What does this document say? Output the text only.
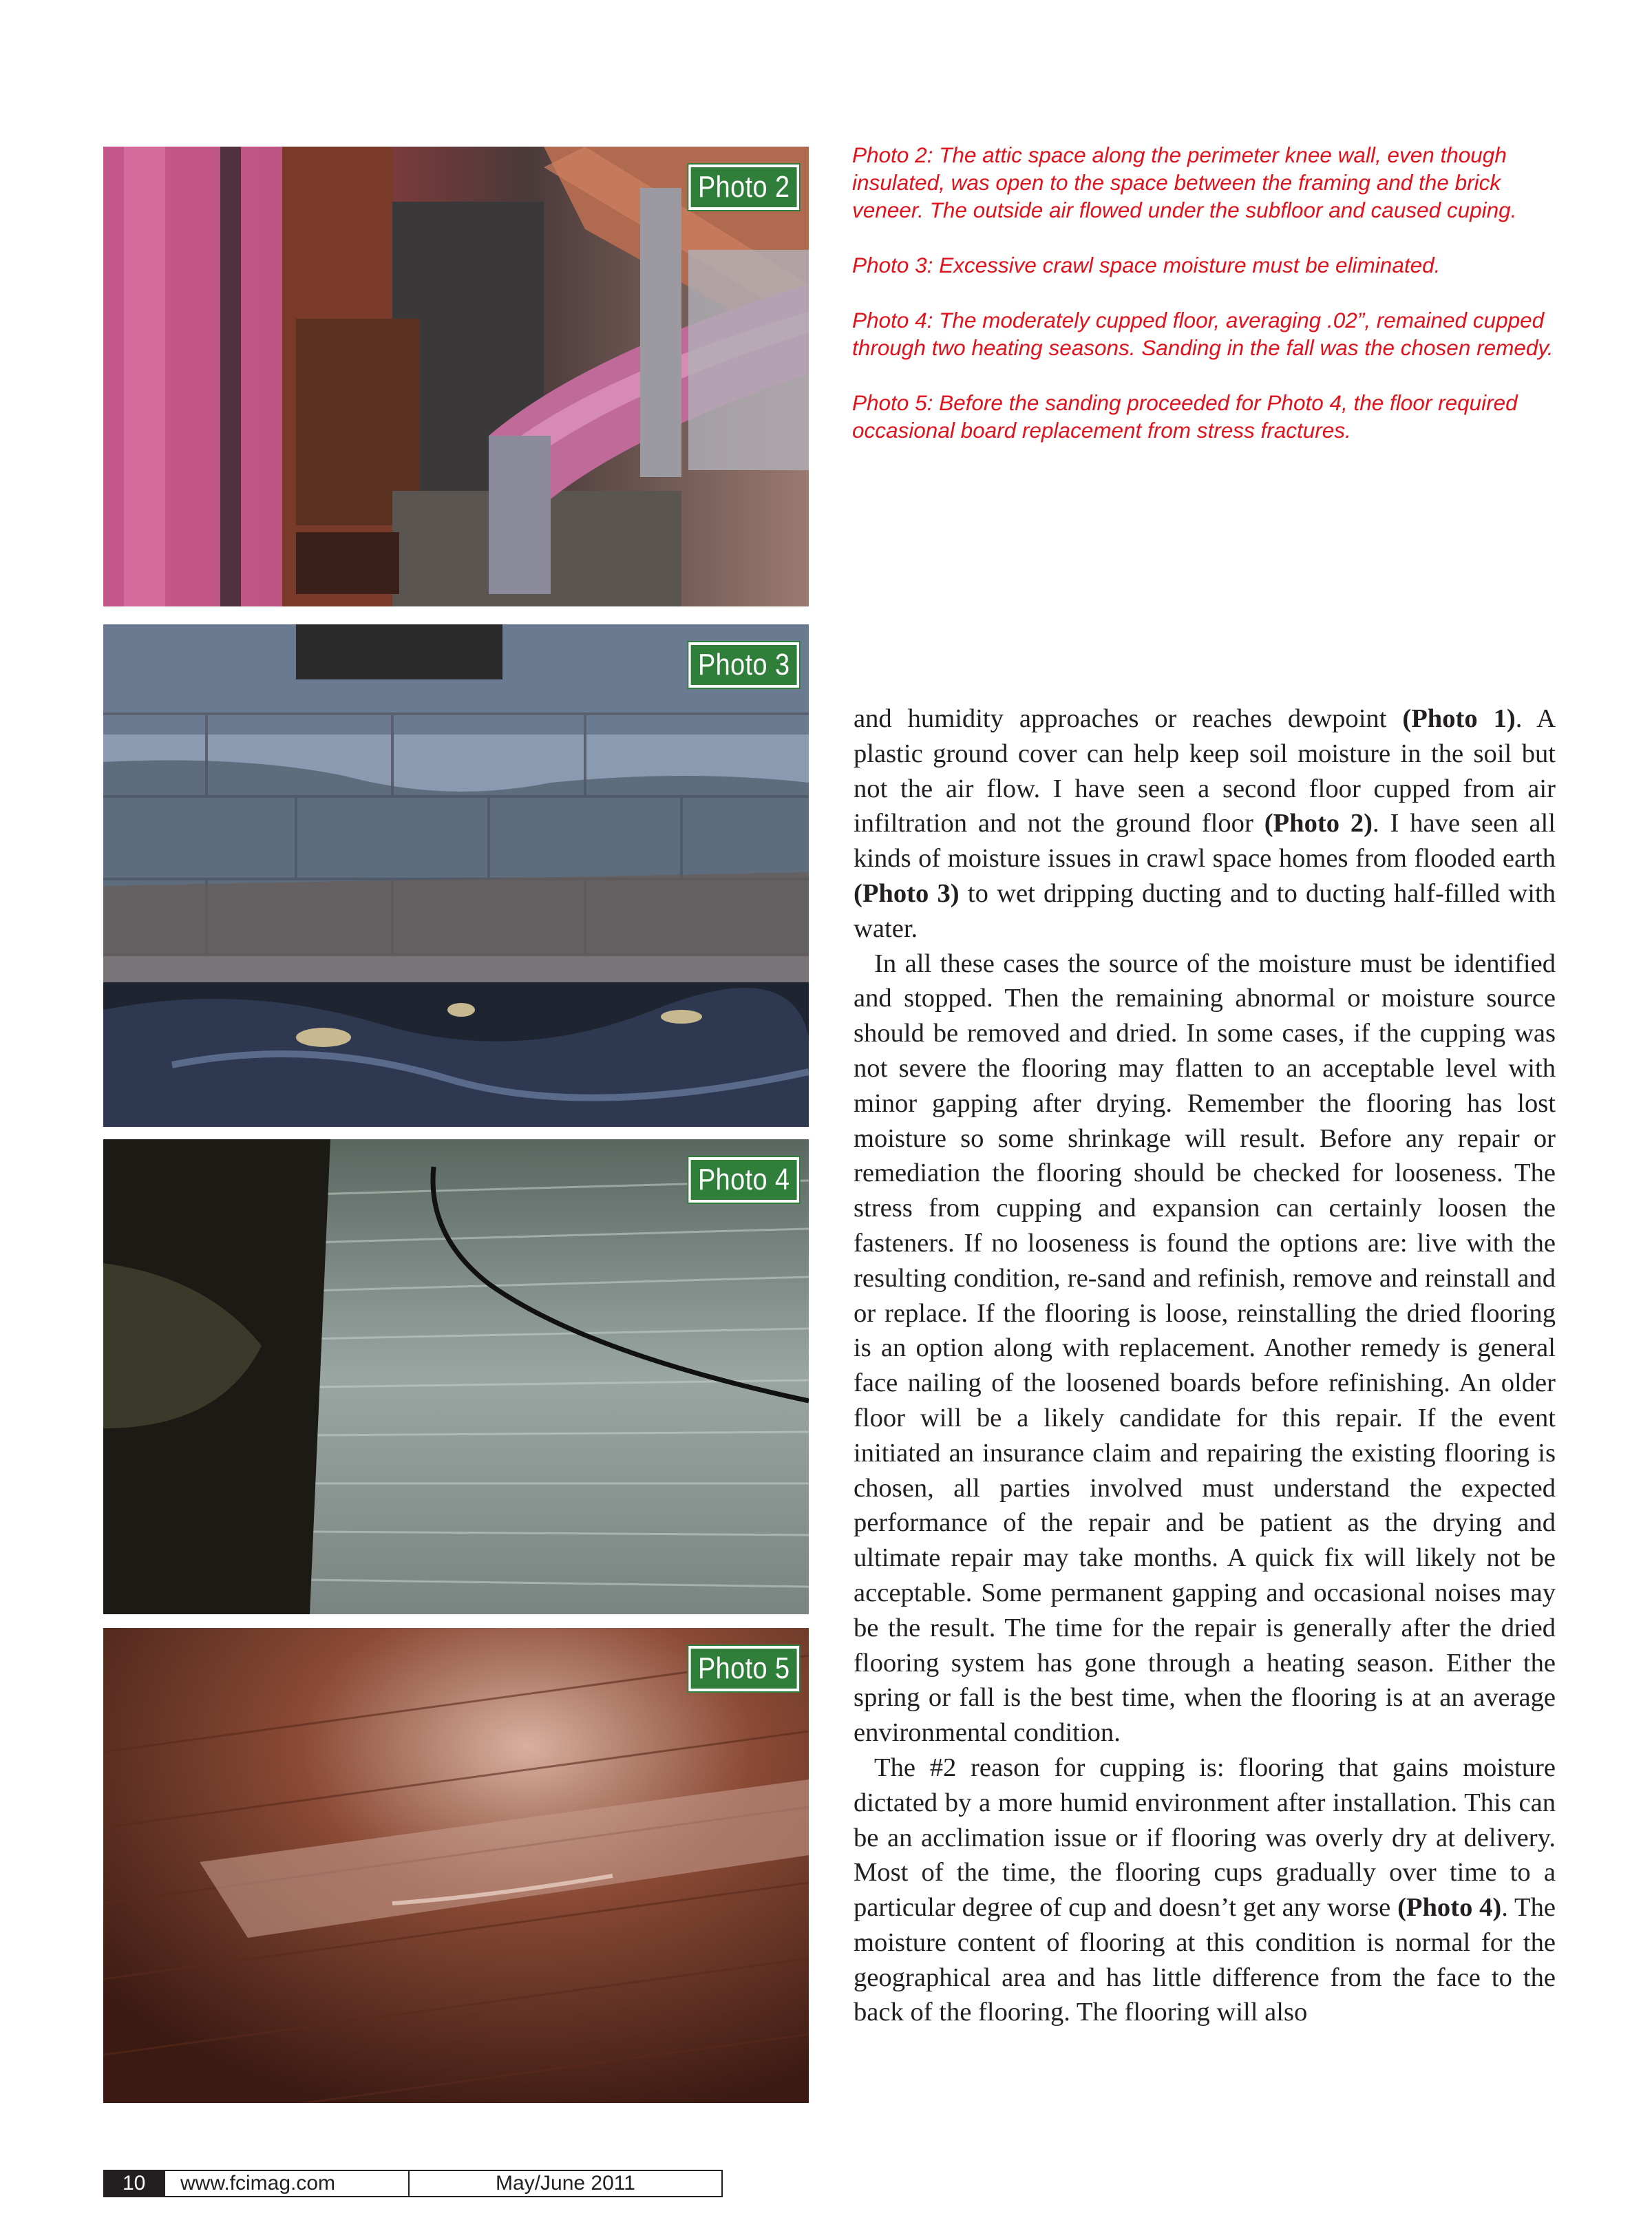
Photo 2
Photo 3
Photo 4
Photo 5

Photo 2: The attic space along the perimeter knee wall, even though insulated, was open to the space between the framing and the brick veneer. The outside air flowed under the subfloor and caused cuping.

Photo 3: Excessive crawl space moisture must be eliminated.

Photo 4: The moderately cupped floor, averaging .02”, remained cupped through two heating seasons. Sanding in the fall was the chosen remedy.

Photo 5: Before the sanding proceeded for Photo 4, the floor required occasional board replacement from stress fractures.

and humidity approaches or reaches dewpoint (Photo 1). A plastic ground cover can help keep soil moisture in the soil but not the air flow. I have seen a second floor cupped from air infiltration and not the ground floor (Photo 2). I have seen all kinds of moisture issues in crawl space homes from flooded earth (Photo 3) to wet dripping ducting and to ducting half-filled with water.

In all these cases the source of the moisture must be identified and stopped. Then the remaining abnormal or moisture source should be removed and dried. In some cases, if the cupping was not severe the flooring may flatten to an acceptable level with minor gapping after drying. Remember the flooring has lost moisture so some shrinkage will result. Before any repair or remediation the flooring should be checked for looseness. The stress from cupping and expansion can certainly loosen the fasteners. If no looseness is found the options are: live with the resulting condition, re-sand and refinish, remove and reinstall and or replace. If the flooring is loose, reinstalling the dried flooring is an option along with replacement. Another remedy is general face nailing of the loosened boards before refinishing. An older floor will be a likely candidate for this repair. If the event initiated an insurance claim and repairing the existing flooring is chosen, all parties involved must understand the expected performance of the repair and be patient as the drying and ultimate repair may take months. A quick fix will likely not be acceptable. Some permanent gapping and occasional noises may be the result. The time for the repair is generally after the dried flooring system has gone through a heating season. Either the spring or fall is the best time, when the flooring is at an average environmental condition.

The #2 reason for cupping is: flooring that gains moisture dictated by a more humid environment after installation. This can be an acclimation issue or if flooring was overly dry at delivery. Most of the time, the flooring cups gradually over time to a particular degree of cup and doesn’t get any worse (Photo 4). The moisture content of flooring at this condition is normal for the geographical area and has little difference from the face to the back of the flooring. The flooring will also

10	www.fcimag.com	May/June 2011
